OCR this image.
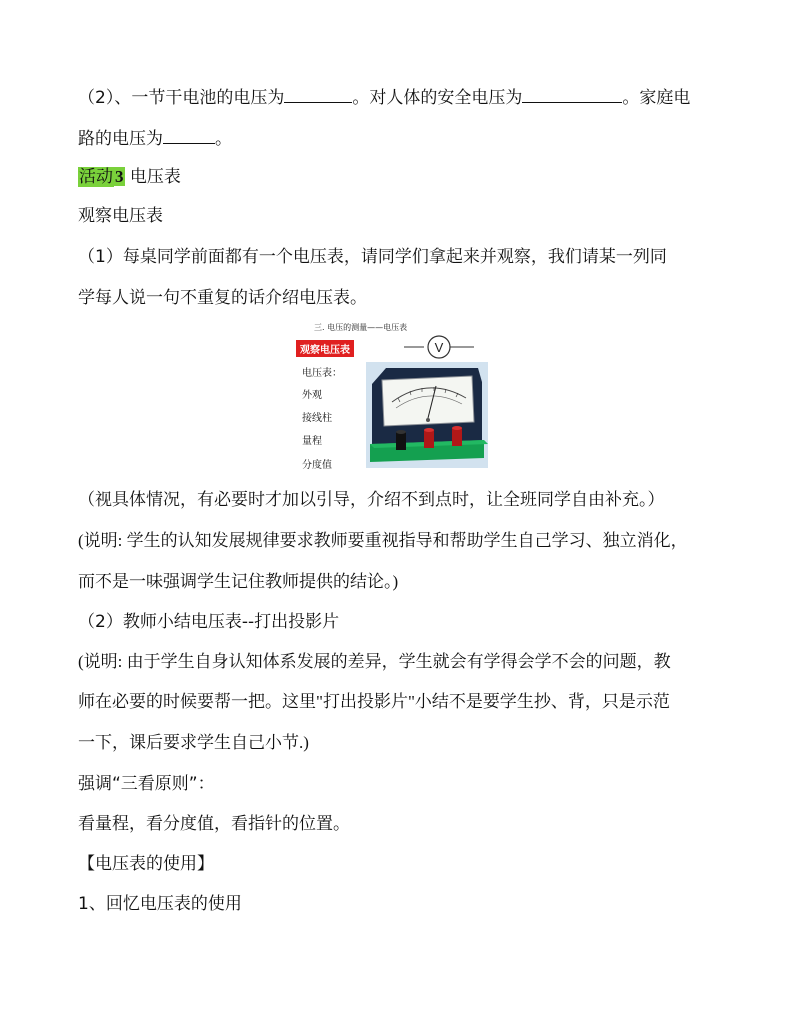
（2）、一节干电池的电压为	。对人体的安全电压为	。家庭电
路的电压为	。
活动 3 电压表
观察电压表
（1）每桌同学前面都有一个电压表，请同学们拿起来并观察，我们请某一列同
学每人说一句不重复的话介绍电压表。
三. 电压的测量——电压表
V
观察电压表
电压表：
外观
接线柱
量程
分度值
（视具体情况，有必要时才加以引导，介绍不到点时，让全班同学自由补充。）
(说明: 学生的认知发展规律要求教师要重视指导和帮助学生自己学习、独立消化，
而不是一味强调学生记住教师提供的结论。)
（2）教师小结电压表--打出投影片
(说明: 由于学生自身认知体系发展的差异，学生就会有学得会学不会的问题，教
师在必要的时候要帮一把。这里"打出投影片"小结不是要学生抄、背，只是示范
一下，课后要求学生自己小节.)
强调“三看原则”：
看量程，看分度值，看指针的位置。
【电压表的使用】
1、回忆电压表的使用
